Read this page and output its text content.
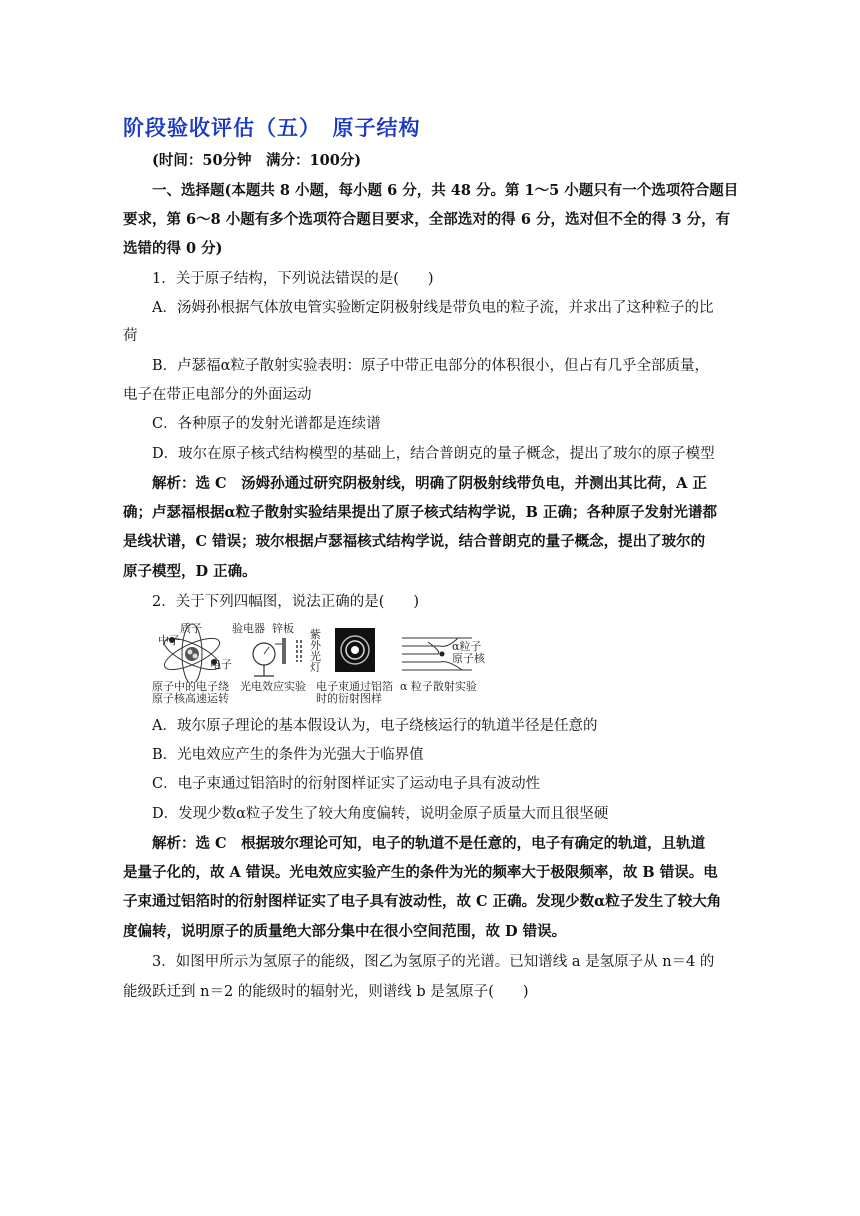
阶段验收评估（五）　原子结构
(时间：50分钟　满分：100分)
一、选择题(本题共 8 小题，每小题 6 分，共 48 分。第 1～5 小题只有一个选项符合题目
要求，第 6～8 小题有多个选项符合题目要求，全部选对的得 6 分，选对但不全的得 3 分，有
选错的得 0 分)
1．关于原子结构，下列说法错误的是(　　)
A．汤姆孙根据气体放电管实验断定阴极射线是带负电的粒子流，并求出了这种粒子的比
荷
B．卢瑟福α粒子散射实验表明：原子中带正电部分的体积很小，但占有几乎全部质量，
电子在带正电部分的外面运动
C．各种原子的发射光谱都是连续谱
D．玻尔在原子核式结构模型的基础上，结合普朗克的量子概念，提出了玻尔的原子模型
解析：选 C　汤姆孙通过研究阴极射线，明确了阴极射线带负电，并测出其比荷，A 正
确；卢瑟福根据α粒子散射实验结果提出了原子核式结构学说，B 正确；各种原子发射光谱都
是线状谱，C 错误；玻尔根据卢瑟福核式结构学说，结合普朗克的量子概念，提出了玻尔的
原子模型，D 正确。
2．关于下列四幅图，说法正确的是(　　)
质子
中子
电子
验电器 锌板 紫
外
光
灯
α粒子
原子核
原子中的电子绕
原子核高速运转
光电效应实验 电子束通过铝箔
时的衍射图样
α 粒子散射实验
A．玻尔原子理论的基本假设认为，电子绕核运行的轨道半径是任意的
B．光电效应产生的条件为光强大于临界值
C．电子束通过铝箔时的衍射图样证实了运动电子具有波动性
D．发现少数α粒子发生了较大角度偏转，说明金原子质量大而且很坚硬
解析：选 C　根据玻尔理论可知，电子的轨道不是任意的，电子有确定的轨道，且轨道
是量子化的，故 A 错误。光电效应实验产生的条件为光的频率大于极限频率，故 B 错误。电
子束通过铝箔时的衍射图样证实了电子具有波动性，故 C 正确。发现少数α粒子发生了较大角
度偏转，说明原子的质量绝大部分集中在很小空间范围，故 D 错误。
3．如图甲所示为氢原子的能级，图乙为氢原子的光谱。已知谱线 a 是氢原子从 n＝4 的
能级跃迁到 n＝2 的能级时的辐射光，则谱线 b 是氢原子(　　)
